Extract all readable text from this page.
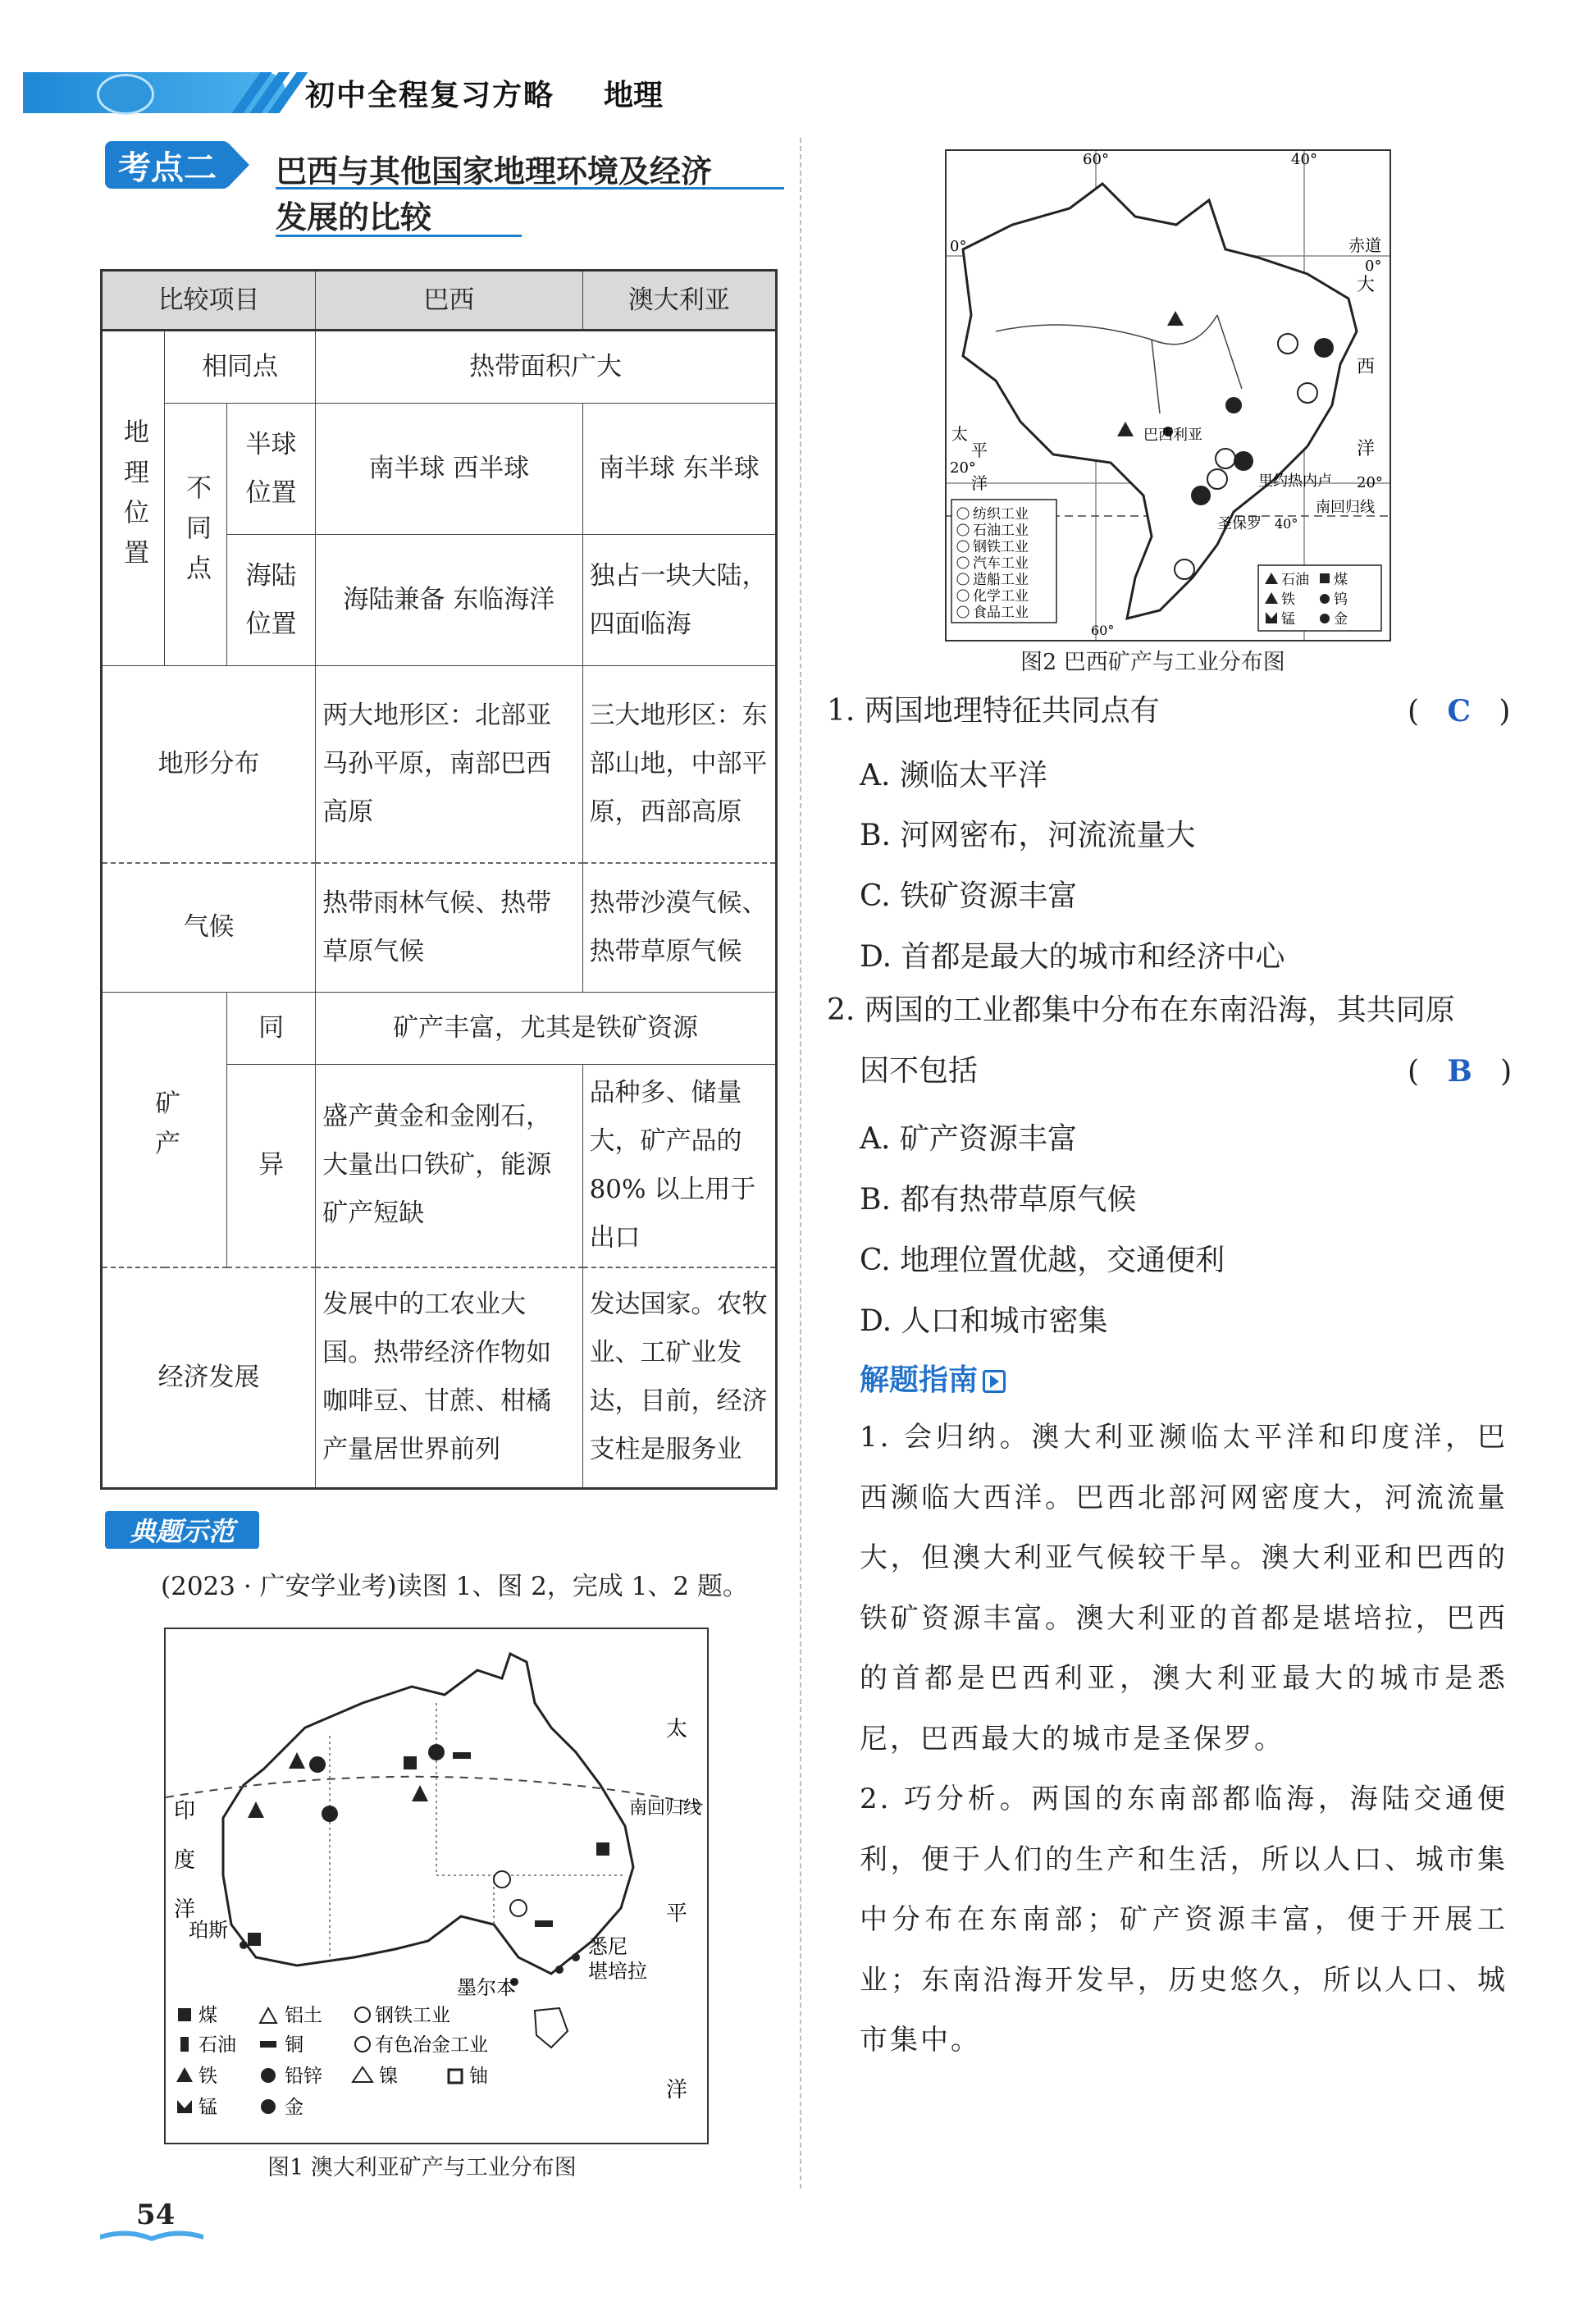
初中全程复习方略 地理
考点二	巴西与其他国家地理环境及经济
发展的比较
比较项目			巴西	澳大利亚
地理位置	相同点		热带面积广大	
	不同点	半球位置	南半球 西半球	南半球 东半球
		海陆位置	海陆兼备 东临海洋	独占一块大陆，四面临海
地形分布			两大地形区：北部亚马孙平原，南部巴西高原	三大地形区：东部山地，中部平原，西部高原
气候			热带雨林气候、热带草原气候	热带沙漠气候、热带草原气候
矿产		同	矿产丰富，尤其是铁矿资源	
		异	盛产黄金和金刚石，大量出口铁矿，能源矿产短缺	品种多、储量大，矿产品的 80% 以上用于出口
经济发展			发展中的工农业大国。热带经济作物如咖啡豆、甘蔗、柑橘产量居世界前列	发达国家。农牧业、工矿业发达，目前，经济支柱是服务业
典题示范
(2023 · 广安学业考)读图 1、图 2，完成 1、2 题。
印
度
洋
太
平
洋
南回归线
珀斯
悉尼
堪培拉
墨尔本
煤	铝土	钢铁工业
石油	铜	有色冶金工业
铁	铅锌	镍	铀
锰	金
图1 澳大利亚矿产与工业分布图
60°	40°
0°	赤道
0°
大
西
洋
太
平
洋
20°
20°
巴西利亚
里约热内卢
圣保罗
南回归线
40°
60°
纺织工业
石油工业
钢铁工业
汽车工业
造船工业
化学工业
食品工业
石油 煤
铁	钨
锰	金
图2 巴西矿产与工业分布图
1. 两国地理特征共同点有	(   C   )
A. 濒临太平洋
B. 河网密布，河流流量大
C. 铁矿资源丰富
D. 首都是最大的城市和经济中心
2. 两国的工业都集中分布在东南沿海，其共同原
因不包括	(   B   )
A. 矿产资源丰富
B. 都有热带草原气候
C. 地理位置优越，交通便利
D. 人口和城市密集
解题指南
1. 会归纳。澳大利亚濒临太平洋和印度洋，巴西濒临大西洋。巴西北部河网密度大，河流流量大，但澳大利亚气候较干旱。澳大利亚和巴西的铁矿资源丰富。澳大利亚的首都是堪培拉，巴西的首都是巴西利亚，澳大利亚最大的城市是悉尼，巴西最大的城市是圣保罗。
2. 巧分析。两国的东南部都临海，海陆交通便利，便于人们的生产和生活，所以人口、城市集中分布在东南部；矿产资源丰富，便于开展工业；东南沿海开发早，历史悠久，所以人口、城市集中。
54
